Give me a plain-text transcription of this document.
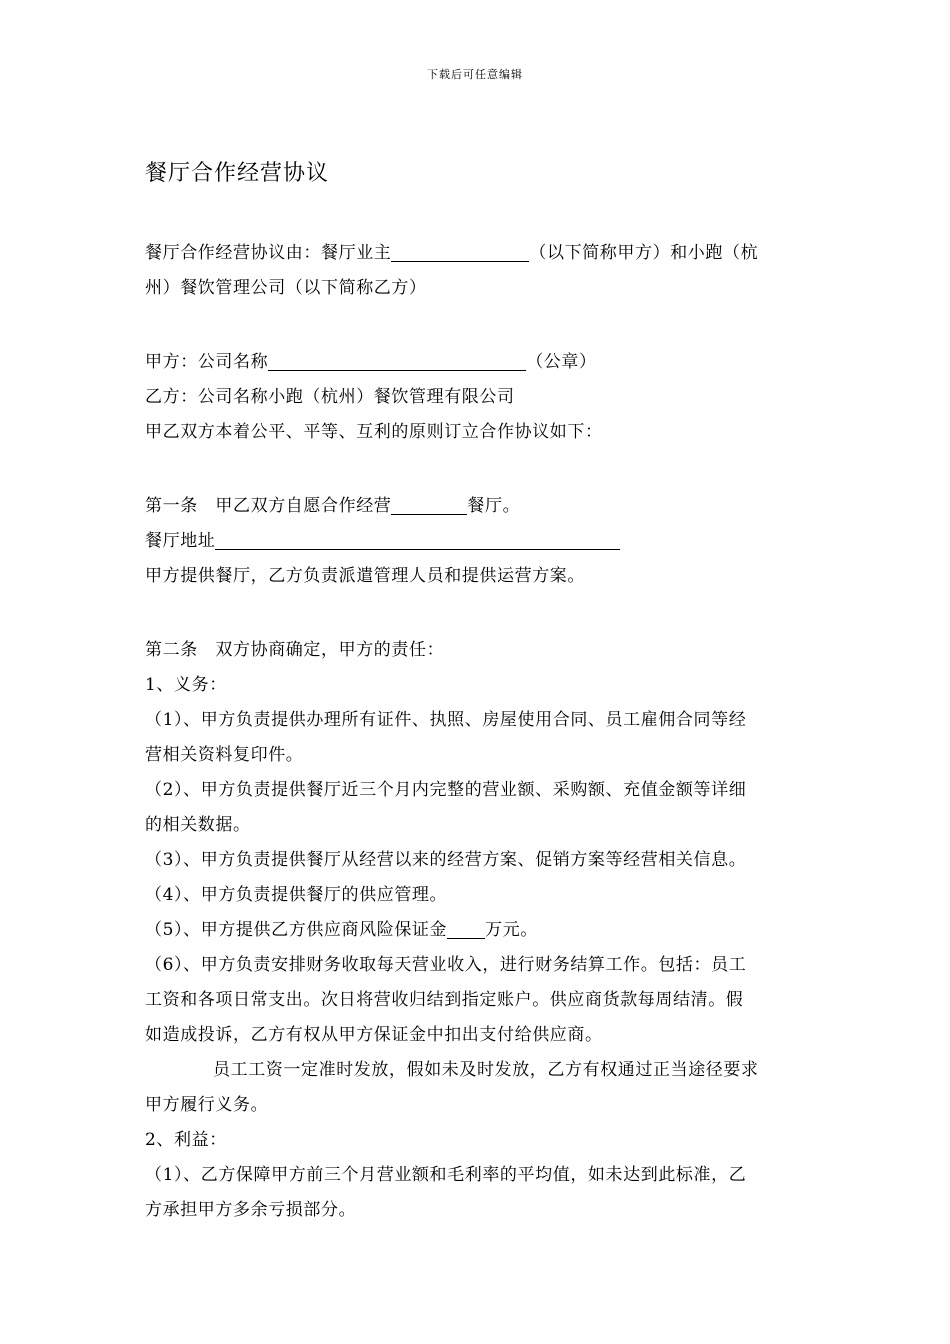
下载后可任意编辑
餐厅合作经营协议
餐厅合作经营协议由：餐厅业主	（以下简称甲方）和小跑（杭
州）餐饮管理公司（以下简称乙方）
甲方：公司名称	（公章）
乙方：公司名称小跑（杭州）餐饮管理有限公司
甲乙双方本着公平、平等、互利的原则订立合作协议如下：
第一条　甲乙双方自愿合作经营	餐厅。
餐厅地址
甲方提供餐厅，乙方负责派遣管理人员和提供运营方案。
第二条　双方协商确定，甲方的责任：
1、义务：
（1）、甲方负责提供办理所有证件、执照、房屋使用合同、员工雇佣合同等经
营相关资料复印件。
（2）、甲方负责提供餐厅近三个月内完整的营业额、采购额、充值金额等详细
的相关数据。
（3）、甲方负责提供餐厅从经营以来的经营方案、促销方案等经营相关信息。
（4）、甲方负责提供餐厅的供应管理。
（5）、甲方提供乙方供应商风险保证金 万元。
（6）、甲方负责安排财务收取每天营业收入，进行财务结算工作。包括：员工
工资和各项日常支出。次日将营收归结到指定账户。供应商货款每周结清。假
如造成投诉，乙方有权从甲方保证金中扣出支付给供应商。
员工工资一定准时发放，假如未及时发放，乙方有权通过正当途径要求
甲方履行义务。
2、利益：
（1）、乙方保障甲方前三个月营业额和毛利率的平均值，如未达到此标准，乙
方承担甲方多余亏损部分。
